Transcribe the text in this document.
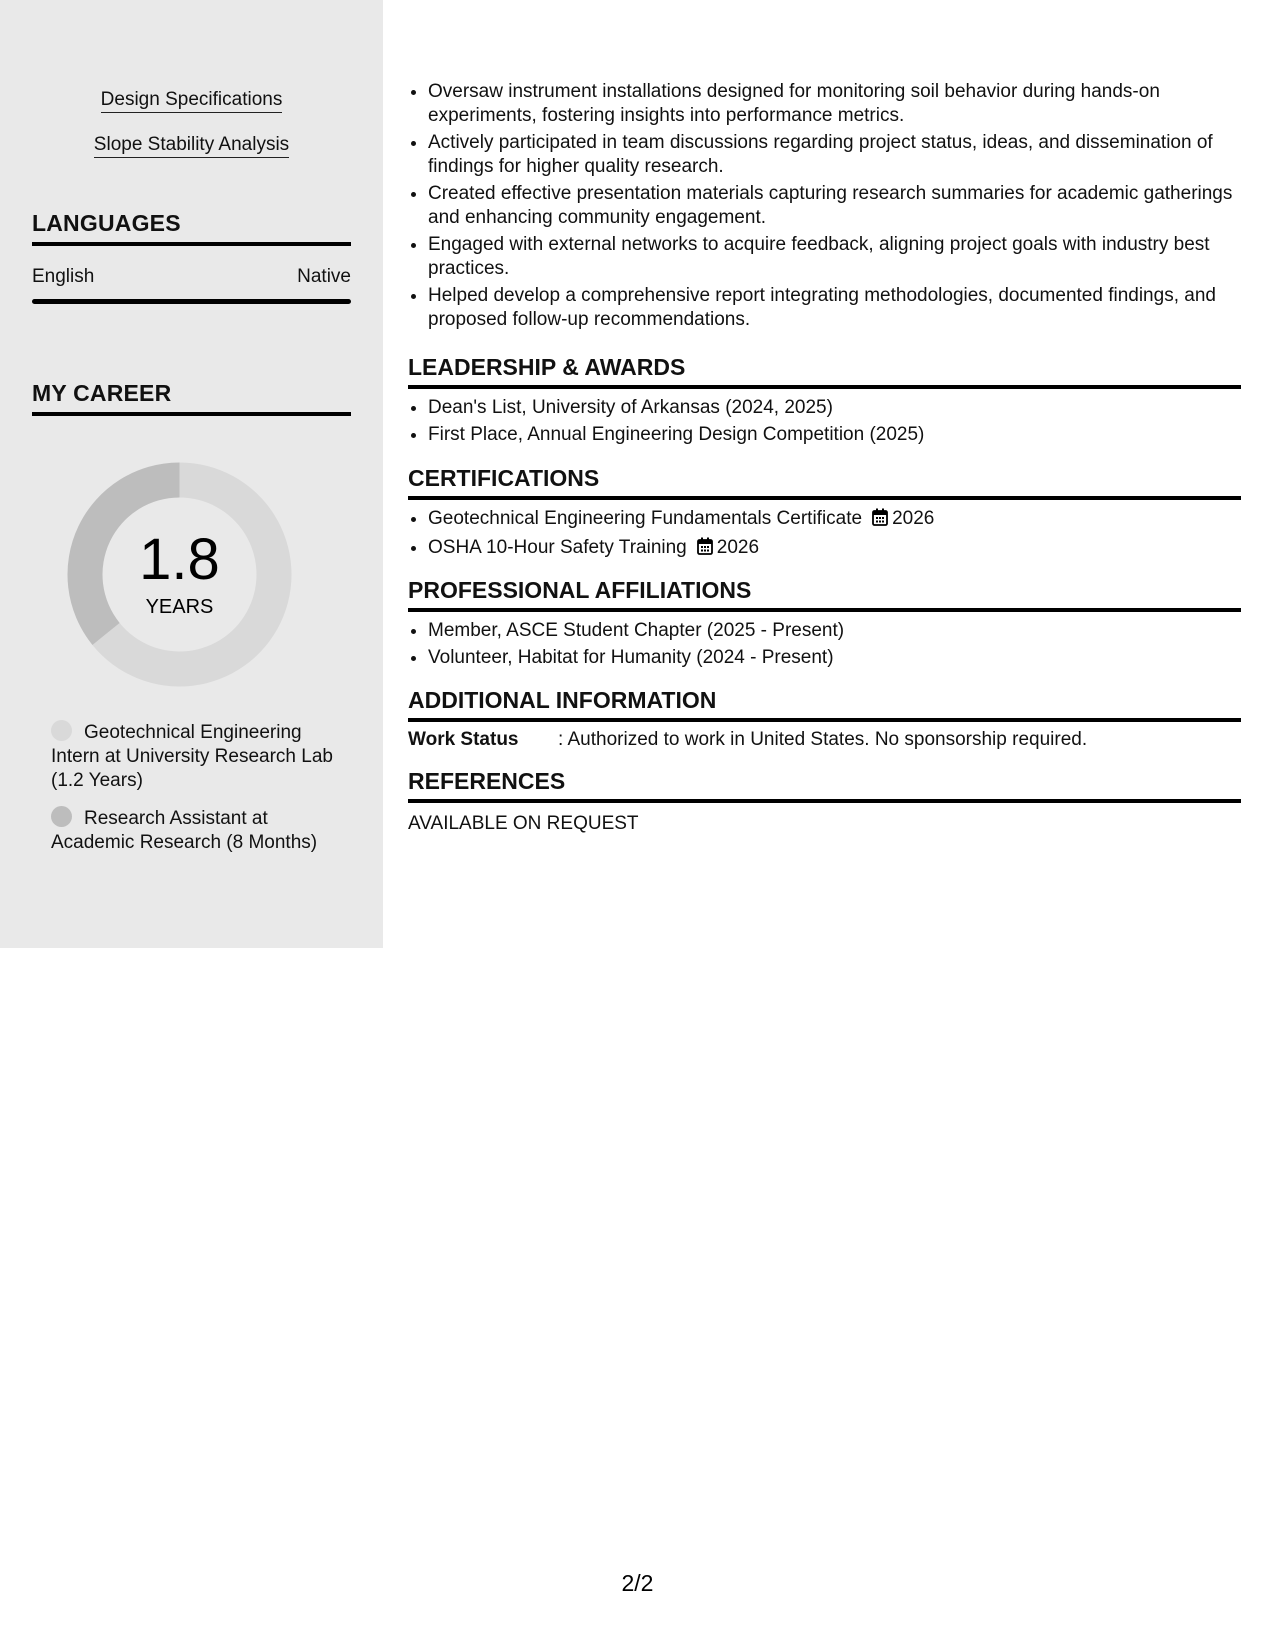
Design Specifications
Slope Stability Analysis
LANGUAGES
English	Native
MY CAREER
1.8
YEARS
Geotechnical Engineering Intern at University Research Lab (1.2 Years)
Research Assistant at Academic Research (8 Months)
• Oversaw instrument installations designed for monitoring soil behavior during hands-on experiments, fostering insights into performance metrics.
• Actively participated in team discussions regarding project status, ideas, and dissemination of findings for higher quality research.
• Created effective presentation materials capturing research summaries for academic gatherings and enhancing community engagement.
• Engaged with external networks to acquire feedback, aligning project goals with industry best practices.
• Helped develop a comprehensive report integrating methodologies, documented findings, and proposed follow-up recommendations.
LEADERSHIP & AWARDS
• Dean's List, University of Arkansas (2024, 2025)
• First Place, Annual Engineering Design Competition (2025)
CERTIFICATIONS
• Geotechnical Engineering Fundamentals Certificate 2026
• OSHA 10-Hour Safety Training 2026
PROFESSIONAL AFFILIATIONS
• Member, ASCE Student Chapter (2025 - Present)
• Volunteer, Habitat for Humanity (2024 - Present)
ADDITIONAL INFORMATION
Work Status : Authorized to work in United States. No sponsorship required.
REFERENCES
AVAILABLE ON REQUEST
2/2
